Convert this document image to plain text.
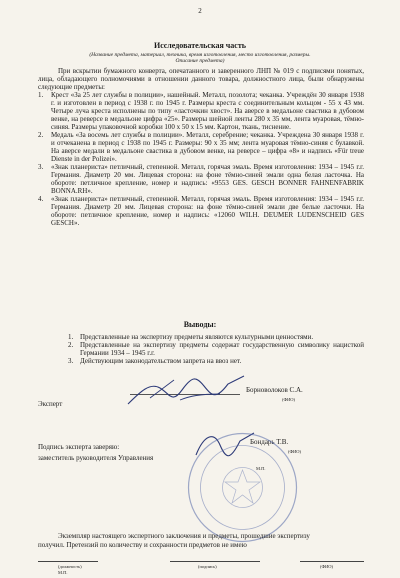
2
Исследовательская часть
(Название предмета, материал, техника, время изготовления, место изготовления, размеры.
Описание предмета)

При вскрытии бумажного конверта, опечатанного и заверенного ЛНП № 019 с подписями понятых, лица, обладающего полномочиями в отношении данного товара, должностного лица, были обнаружены следующие предметы:

1. Крест «За 25 лет службы в полиции», нашейный. Металл, позолота; чеканка. Учреждён 30 января 1938 г. и изготовлен в период с 1938 г. по 1945 г. Размеры креста с соединительным кольцом - 55 x 43 мм. Четыре луча креста исполнены по типу «ласточкин хвост». На аверсе в медальоне свастика в дубовом венке, на реверсе в медальоне цифра «25». Размеры шейной ленты 280 x 35 мм, лента муаровая, тёмно-синяя. Размеры упаковочной коробки 100 x 50 x 15 мм. Картон, ткань, тиснение.
2. Медаль «За восемь лет службы в полиции». Металл, серебрение; чеканка. Учреждена 30 января 1938 г. и отчеканена в период с 1938 по 1945 г. Размеры: 90 x 35 мм; лента муаровая тёмно-синяя с булавкой. На аверсе медали в медальоне свастика в дубовом венке, на реверсе – цифра «8» и надпись «Für treue Dienste in der Polizei».
3. «Знак планериста» петличный, степенной. Металл, горячая эмаль. Время изготовления: 1934 – 1945 г.г. Германия. Диаметр 20 мм. Лицевая сторона: на фоне тёмно-синей эмали одна белая ласточка. На обороте: петличное крепление, номер и надпись: «9553 GES. GESCH BONNER FAHNENFABRIK BONNA.RH».
4. «Знак планериста» петличный, степенной. Металл, горячая эмаль. Время изготовления: 1934 – 1945 г.г. Германия. Диаметр 20 мм. Лицевая сторона: на фоне тёмно-синей эмали две белые ласточки. На обороте: петличное крепление, номер и надпись: «12060 WILH. DEUMER LUDENSCHEID GES GESCH».
Выводы:
1. Представленные на экспертизу предметы являются культурными ценностями.
2. Представленные на экспертизу предметы содержат государственную символику нацисткой Германии 1934 – 1945 г.г.
3. Действующим законодательством запрета на ввоз нет.
Эксперт
Борноволоков С.А.
(ФИО)
Подпись эксперта заверяю:
заместитель руководителя Управления
Бондарь Т.В.
(ФИО)
М.П.
Экземпляр настоящего экспертного заключения и предметы, прошедшие экспертизу
получил. Претензий по количеству и сохранности предметов не имею
(должность)	(подпись)	(ФИО)
М.П.
